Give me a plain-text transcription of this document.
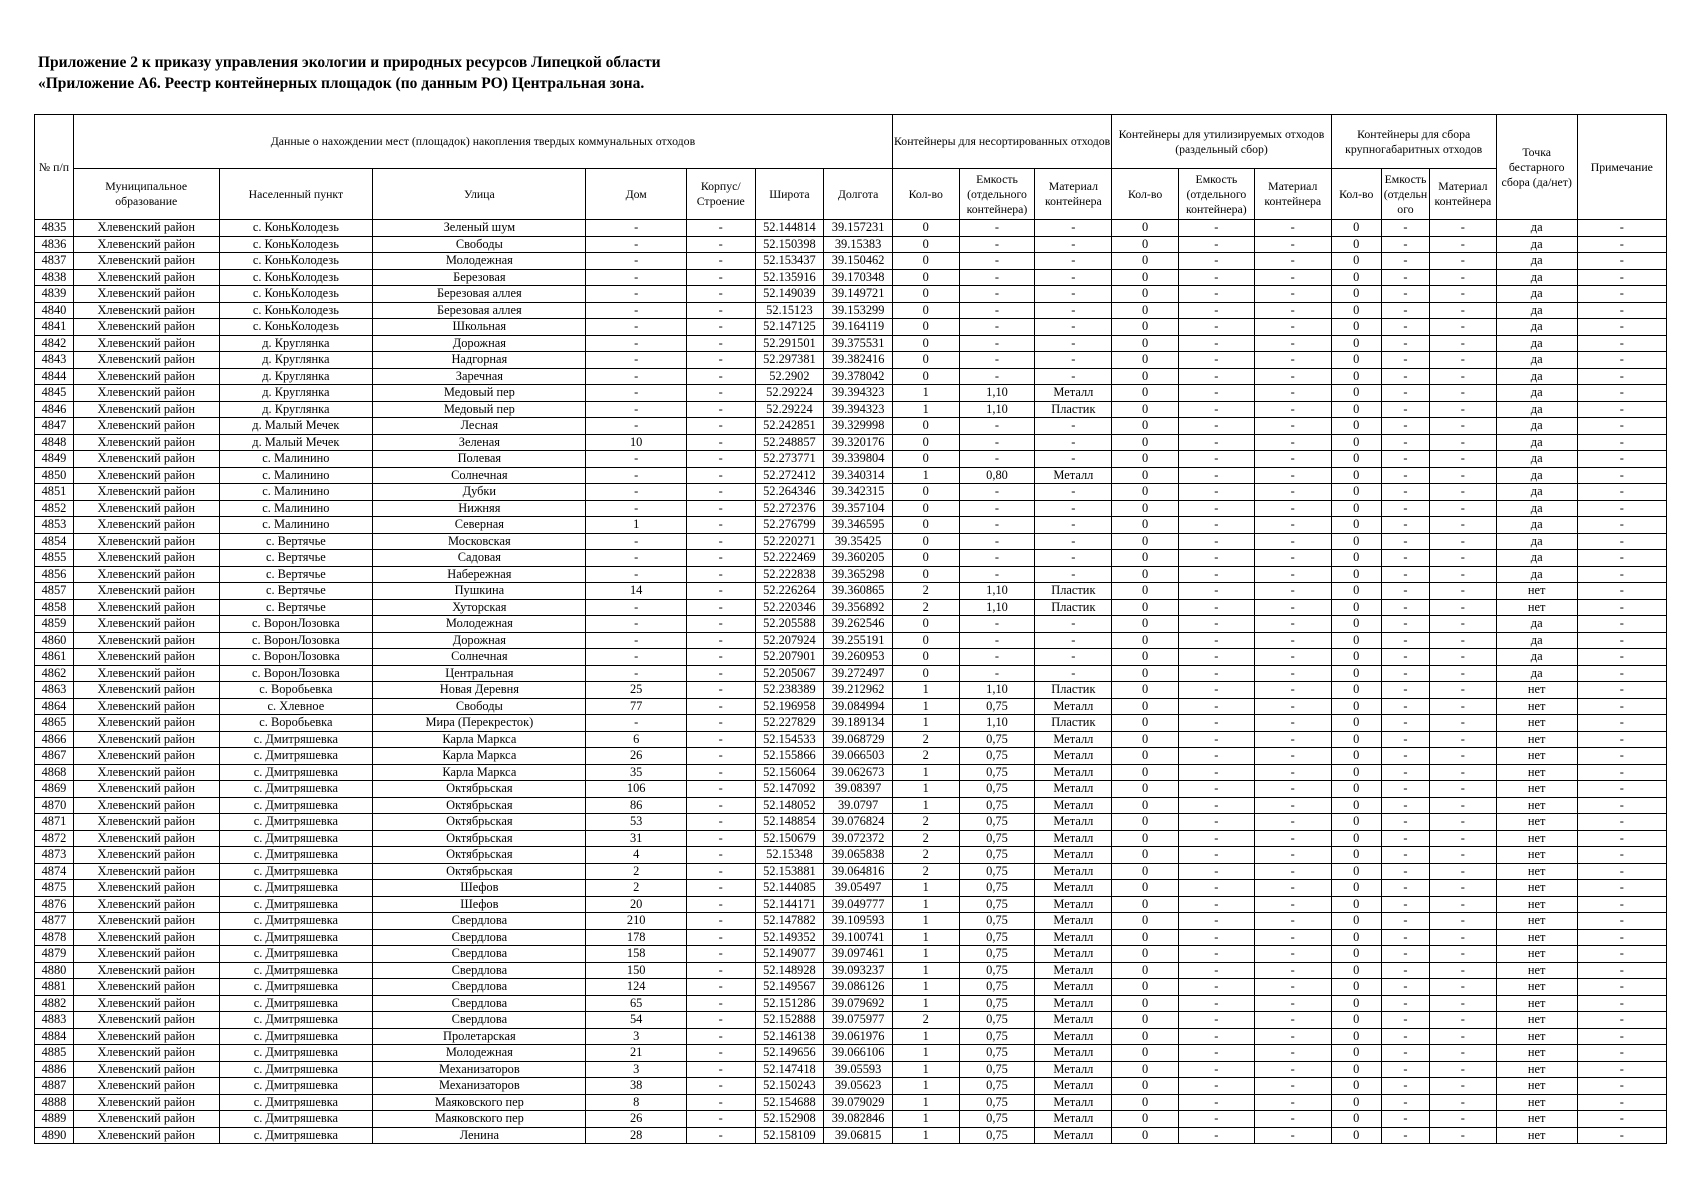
Приложение 2 к приказу управления экологии и природных ресурсов Липецкой области
«Приложение А6. Реестр контейнерных площадок (по данным РО) Центральная зона.
№ п/п	Данные о нахождении мест (площадок) накопления твердых коммунальных отходов							Контейнеры для несортированных отходов			Контейнеры для утилизируемых отходов (раздельный сбор)			Контейнеры для сбора крупногабаритных отходов			Точка бестарного сбора (да/нет)	Примечание
	Муниципальное образование	Населенный пункт	Улица	Дом	Корпус/ Строение	Широта	Долгота	Кол-во	Емкость (отдельного контейнера)	Материал контейнера	Кол-во	Емкость (отдельного контейнера)	Материал контейнера	Кол-во	Емкость (отдельн ого	Материал контейнера		
4835	Хлевенский район	с. КоньКолодезь	Зеленый шум	-	-	52.144814	39.157231	0	-	-	0	-	-	0	-	-	да	-
4836	Хлевенский район	с. КоньКолодезь	Свободы	-	-	52.150398	39.15383	0	-	-	0	-	-	0	-	-	да	-
4837	Хлевенский район	с. КоньКолодезь	Молодежная	-	-	52.153437	39.150462	0	-	-	0	-	-	0	-	-	да	-
4838	Хлевенский район	с. КоньКолодезь	Березовая	-	-	52.135916	39.170348	0	-	-	0	-	-	0	-	-	да	-
4839	Хлевенский район	с. КоньКолодезь	Березовая аллея	-	-	52.149039	39.149721	0	-	-	0	-	-	0	-	-	да	-
4840	Хлевенский район	с. КоньКолодезь	Березовая аллея	-	-	52.15123	39.153299	0	-	-	0	-	-	0	-	-	да	-
4841	Хлевенский район	с. КоньКолодезь	Школьная	-	-	52.147125	39.164119	0	-	-	0	-	-	0	-	-	да	-
4842	Хлевенский район	д. Круглянка	Дорожная	-	-	52.291501	39.375531	0	-	-	0	-	-	0	-	-	да	-
4843	Хлевенский район	д. Круглянка	Надгорная	-	-	52.297381	39.382416	0	-	-	0	-	-	0	-	-	да	-
4844	Хлевенский район	д. Круглянка	Заречная	-	-	52.2902	39.378042	0	-	-	0	-	-	0	-	-	да	-
4845	Хлевенский район	д. Круглянка	Медовый пер	-	-	52.29224	39.394323	1	1,10	Металл	0	-	-	0	-	-	да	-
4846	Хлевенский район	д. Круглянка	Медовый пер	-	-	52.29224	39.394323	1	1,10	Пластик	0	-	-	0	-	-	да	-
4847	Хлевенский район	д. Малый Мечек	Лесная	-	-	52.242851	39.329998	0	-	-	0	-	-	0	-	-	да	-
4848	Хлевенский район	д. Малый Мечек	Зеленая	10	-	52.248857	39.320176	0	-	-	0	-	-	0	-	-	да	-
4849	Хлевенский район	с. Малинино	Полевая	-	-	52.273771	39.339804	0	-	-	0	-	-	0	-	-	да	-
4850	Хлевенский район	с. Малинино	Солнечная	-	-	52.272412	39.340314	1	0,80	Металл	0	-	-	0	-	-	да	-
4851	Хлевенский район	с. Малинино	Дубки	-	-	52.264346	39.342315	0	-	-	0	-	-	0	-	-	да	-
4852	Хлевенский район	с. Малинино	Нижняя	-	-	52.272376	39.357104	0	-	-	0	-	-	0	-	-	да	-
4853	Хлевенский район	с. Малинино	Северная	1	-	52.276799	39.346595	0	-	-	0	-	-	0	-	-	да	-
4854	Хлевенский район	с. Вертячье	Московская	-	-	52.220271	39.35425	0	-	-	0	-	-	0	-	-	да	-
4855	Хлевенский район	с. Вертячье	Садовая	-	-	52.222469	39.360205	0	-	-	0	-	-	0	-	-	да	-
4856	Хлевенский район	с. Вертячье	Набережная	-	-	52.222838	39.365298	0	-	-	0	-	-	0	-	-	да	-
4857	Хлевенский район	с. Вертячье	Пушкина	14	-	52.226264	39.360865	2	1,10	Пластик	0	-	-	0	-	-	нет	-
4858	Хлевенский район	с. Вертячье	Хуторская	-	-	52.220346	39.356892	2	1,10	Пластик	0	-	-	0	-	-	нет	-
4859	Хлевенский район	с. ВоронЛозовка	Молодежная	-	-	52.205588	39.262546	0	-	-	0	-	-	0	-	-	да	-
4860	Хлевенский район	с. ВоронЛозовка	Дорожная	-	-	52.207924	39.255191	0	-	-	0	-	-	0	-	-	да	-
4861	Хлевенский район	с. ВоронЛозовка	Солнечная	-	-	52.207901	39.260953	0	-	-	0	-	-	0	-	-	да	-
4862	Хлевенский район	с. ВоронЛозовка	Центральная	-	-	52.205067	39.272497	0	-	-	0	-	-	0	-	-	да	-
4863	Хлевенский район	с. Воробьевка	Новая Деревня	25	-	52.238389	39.212962	1	1,10	Пластик	0	-	-	0	-	-	нет	-
4864	Хлевенский район	с. Хлевное	Свободы	77	-	52.196958	39.084994	1	0,75	Металл	0	-	-	0	-	-	нет	-
4865	Хлевенский район	с. Воробьевка	Мира (Перекресток)	-	-	52.227829	39.189134	1	1,10	Пластик	0	-	-	0	-	-	нет	-
4866	Хлевенский район	с. Дмитряшевка	Карла Маркса	6	-	52.154533	39.068729	2	0,75	Металл	0	-	-	0	-	-	нет	-
4867	Хлевенский район	с. Дмитряшевка	Карла Маркса	26	-	52.155866	39.066503	2	0,75	Металл	0	-	-	0	-	-	нет	-
4868	Хлевенский район	с. Дмитряшевка	Карла Маркса	35	-	52.156064	39.062673	1	0,75	Металл	0	-	-	0	-	-	нет	-
4869	Хлевенский район	с. Дмитряшевка	Октябрьская	106	-	52.147092	39.08397	1	0,75	Металл	0	-	-	0	-	-	нет	-
4870	Хлевенский район	с. Дмитряшевка	Октябрьская	86	-	52.148052	39.0797	1	0,75	Металл	0	-	-	0	-	-	нет	-
4871	Хлевенский район	с. Дмитряшевка	Октябрьская	53	-	52.148854	39.076824	2	0,75	Металл	0	-	-	0	-	-	нет	-
4872	Хлевенский район	с. Дмитряшевка	Октябрьская	31	-	52.150679	39.072372	2	0,75	Металл	0	-	-	0	-	-	нет	-
4873	Хлевенский район	с. Дмитряшевка	Октябрьская	4	-	52.15348	39.065838	2	0,75	Металл	0	-	-	0	-	-	нет	-
4874	Хлевенский район	с. Дмитряшевка	Октябрьская	2	-	52.153881	39.064816	2	0,75	Металл	0	-	-	0	-	-	нет	-
4875	Хлевенский район	с. Дмитряшевка	Шефов	2	-	52.144085	39.05497	1	0,75	Металл	0	-	-	0	-	-	нет	-
4876	Хлевенский район	с. Дмитряшевка	Шефов	20	-	52.144171	39.049777	1	0,75	Металл	0	-	-	0	-	-	нет	-
4877	Хлевенский район	с. Дмитряшевка	Свердлова	210	-	52.147882	39.109593	1	0,75	Металл	0	-	-	0	-	-	нет	-
4878	Хлевенский район	с. Дмитряшевка	Свердлова	178	-	52.149352	39.100741	1	0,75	Металл	0	-	-	0	-	-	нет	-
4879	Хлевенский район	с. Дмитряшевка	Свердлова	158	-	52.149077	39.097461	1	0,75	Металл	0	-	-	0	-	-	нет	-
4880	Хлевенский район	с. Дмитряшевка	Свердлова	150	-	52.148928	39.093237	1	0,75	Металл	0	-	-	0	-	-	нет	-
4881	Хлевенский район	с. Дмитряшевка	Свердлова	124	-	52.149567	39.086126	1	0,75	Металл	0	-	-	0	-	-	нет	-
4882	Хлевенский район	с. Дмитряшевка	Свердлова	65	-	52.151286	39.079692	1	0,75	Металл	0	-	-	0	-	-	нет	-
4883	Хлевенский район	с. Дмитряшевка	Свердлова	54	-	52.152888	39.075977	2	0,75	Металл	0	-	-	0	-	-	нет	-
4884	Хлевенский район	с. Дмитряшевка	Пролетарская	3	-	52.146138	39.061976	1	0,75	Металл	0	-	-	0	-	-	нет	-
4885	Хлевенский район	с. Дмитряшевка	Молодежная	21	-	52.149656	39.066106	1	0,75	Металл	0	-	-	0	-	-	нет	-
4886	Хлевенский район	с. Дмитряшевка	Механизаторов	3	-	52.147418	39.05593	1	0,75	Металл	0	-	-	0	-	-	нет	-
4887	Хлевенский район	с. Дмитряшевка	Механизаторов	38	-	52.150243	39.05623	1	0,75	Металл	0	-	-	0	-	-	нет	-
4888	Хлевенский район	с. Дмитряшевка	Маяковского пер	8	-	52.154688	39.079029	1	0,75	Металл	0	-	-	0	-	-	нет	-
4889	Хлевенский район	с. Дмитряшевка	Маяковского пер	26	-	52.152908	39.082846	1	0,75	Металл	0	-	-	0	-	-	нет	-
4890	Хлевенский район	с. Дмитряшевка	Ленина	28	-	52.158109	39.06815	1	0,75	Металл	0	-	-	0	-	-	нет	-
